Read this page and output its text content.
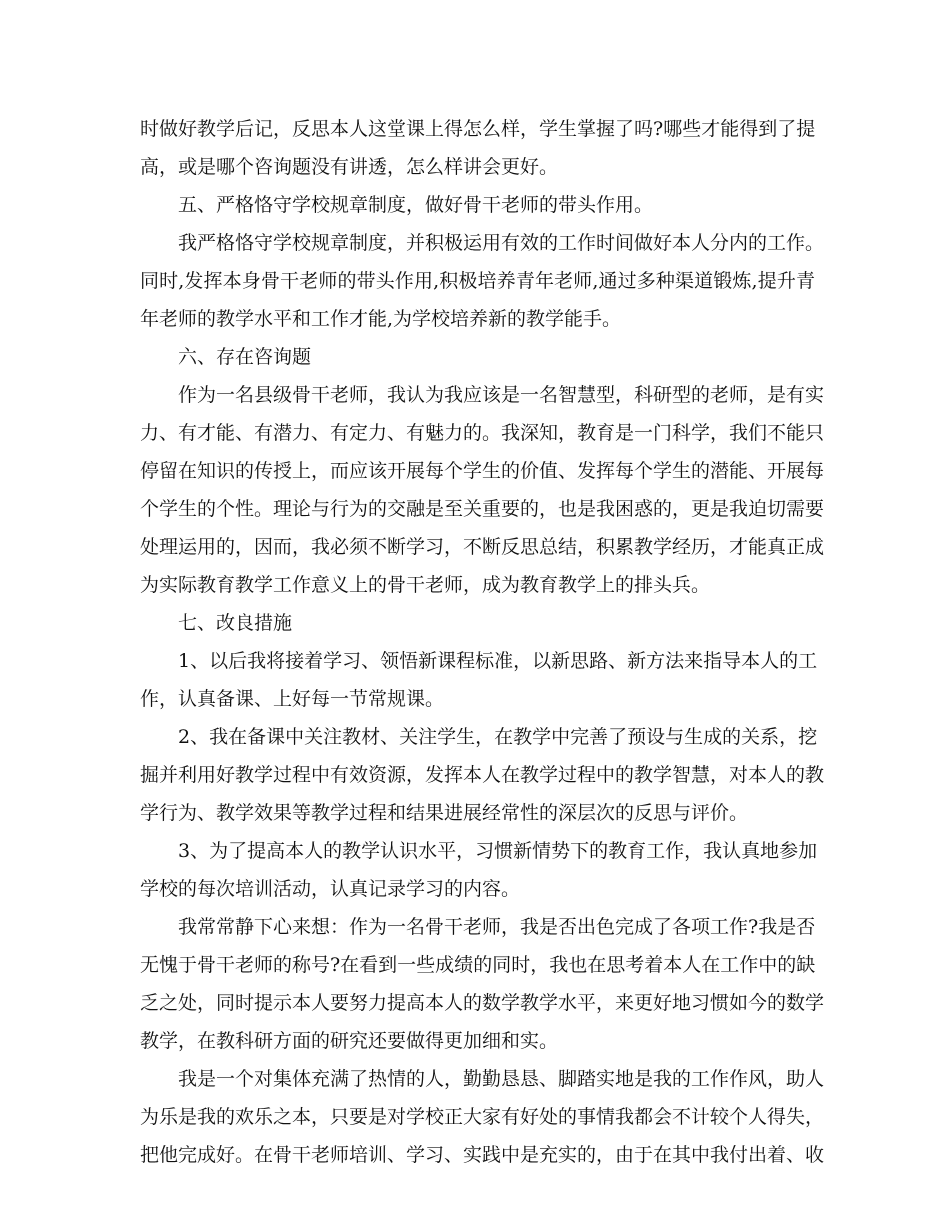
时做好教学后记，反思本人这堂课上得怎么样，学生掌握了吗?哪些才能得到了提
高，或是哪个咨询题没有讲透，怎么样讲会更好。
五、严格恪守学校规章制度，做好骨干老师的带头作用。
我严格恪守学校规章制度，并积极运用有效的工作时间做好本人分内的工作。
同时,发挥本身骨干老师的带头作用,积极培养青年老师,通过多种渠道锻炼,提升青
年老师的教学水平和工作才能,为学校培养新的教学能手。
六、存在咨询题
作为一名县级骨干老师，我认为我应该是一名智慧型，科研型的老师，是有实
力、有才能、有潜力、有定力、有魅力的。我深知，教育是一门科学，我们不能只
停留在知识的传授上，而应该开展每个学生的价值、发挥每个学生的潜能、开展每
个学生的个性。理论与行为的交融是至关重要的，也是我困惑的，更是我迫切需要
处理运用的，因而，我必须不断学习，不断反思总结，积累教学经历，才能真正成
为实际教育教学工作意义上的骨干老师，成为教育教学上的排头兵。
七、改良措施
1、以后我将接着学习、领悟新课程标准，以新思路、新方法来指导本人的工
作，认真备课、上好每一节常规课。
2、我在备课中关注教材、关注学生，在教学中完善了预设与生成的关系，挖
掘并利用好教学过程中有效资源，发挥本人在教学过程中的教学智慧，对本人的教
学行为、教学效果等教学过程和结果进展经常性的深层次的反思与评价。
3、为了提高本人的教学认识水平，习惯新情势下的教育工作，我认真地参加
学校的每次培训活动，认真记录学习的内容。
我常常静下心来想：作为一名骨干老师，我是否出色完成了各项工作?我是否
无愧于骨干老师的称号?在看到一些成绩的同时，我也在思考着本人在工作中的缺
乏之处，同时提示本人要努力提高本人的数学教学水平，来更好地习惯如今的数学
教学，在教科研方面的研究还要做得更加细和实。
我是一个对集体充满了热情的人，勤勤恳恳、脚踏实地是我的工作作风，助人
为乐是我的欢乐之本，只要是对学校正大家有好处的事情我都会不计较个人得失，
把他完成好。在骨干老师培训、学习、实践中是充实的，由于在其中我付出着、收
